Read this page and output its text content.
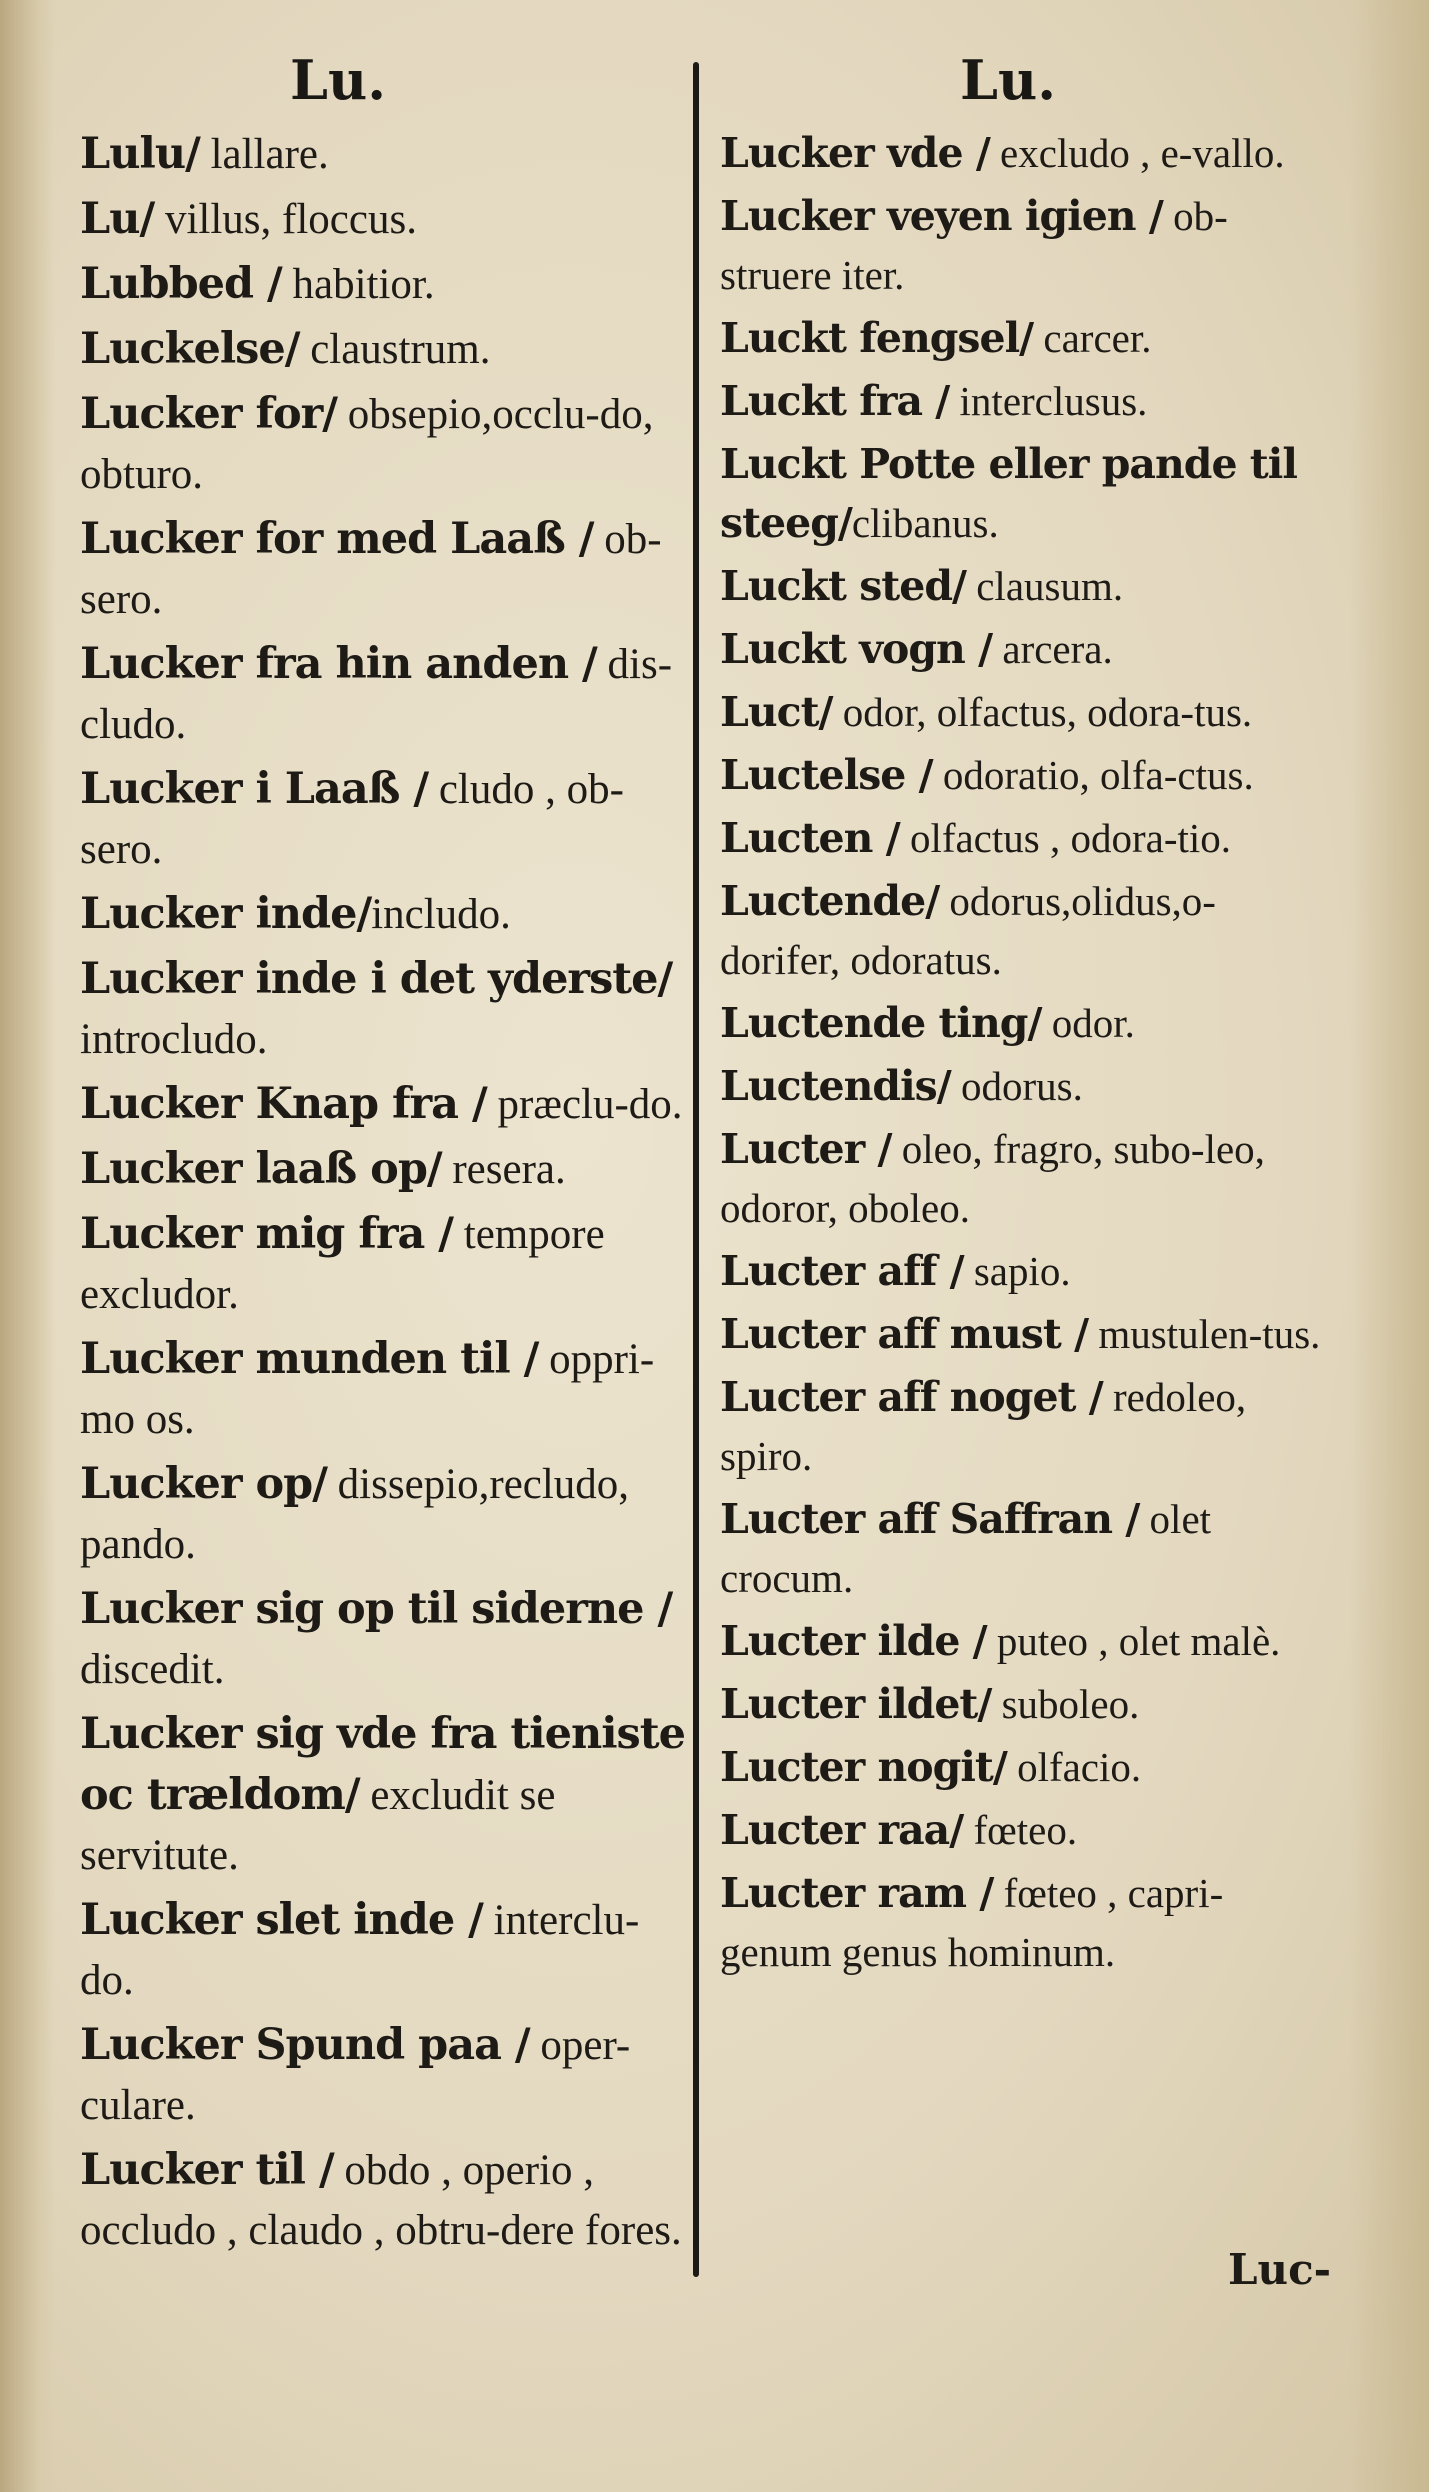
Lu.
Lulu/ lallare.
Lu/ villus, floccus.
Lubbed / habitior.
Luckelse/ claustrum.
Lucker for/ obsepio,occlu-do, obturo.
Lucker for med Laaß / ob-sero.
Lucker fra hin anden / dis-cludo.
Lucker i Laaß / cludo , ob-sero.
Lucker inde/includo.
Lucker inde i det yderste/ introcludo.
Lucker Knap fra / præclu-do.
Lucker laaß op/ resera.
Lucker mig fra / tempore excludor.
Lucker munden til / oppri-mo os.
Lucker op/ dissepio,recludo, pando.
Lucker sig op til siderne / discedit.
Lucker sig vde fra tieniste oc trældom/ excludit se servitute.
Lucker slet inde / interclu-do.
Lucker Spund paa / oper-culare.
Lucker til / obdo , operio , occludo , claudo , obtru-dere fores.
Lu.
Lucker vde / excludo , e-vallo.
Lucker veyen igien / ob-struere iter.
Luckt fengsel/ carcer.
Luckt fra / interclusus.
Luckt Potte eller pande til steeg/clibanus.
Luckt sted/ clausum.
Luckt vogn / arcera.
Luct/ odor, olfactus, odora-tus.
Luctelse / odoratio, olfa-ctus.
Lucten / olfactus , odora-tio.
Luctende/ odorus,olidus,o-dorifer, odoratus.
Luctende ting/ odor.
Luctendis/ odorus.
Lucter / oleo, fragro, subo-leo, odoror, oboleo.
Lucter aff / sapio.
Lucter aff must / mustulen-tus.
Lucter aff noget / redoleo, spiro.
Lucter aff Saffran / olet crocum.
Lucter ilde / puteo , olet malè.
Lucter ildet/ suboleo.
Lucter nogit/ olfacio.
Lucter raa/ fœteo.
Lucter ram / fœteo , capri-genum genus hominum.
Luc-
